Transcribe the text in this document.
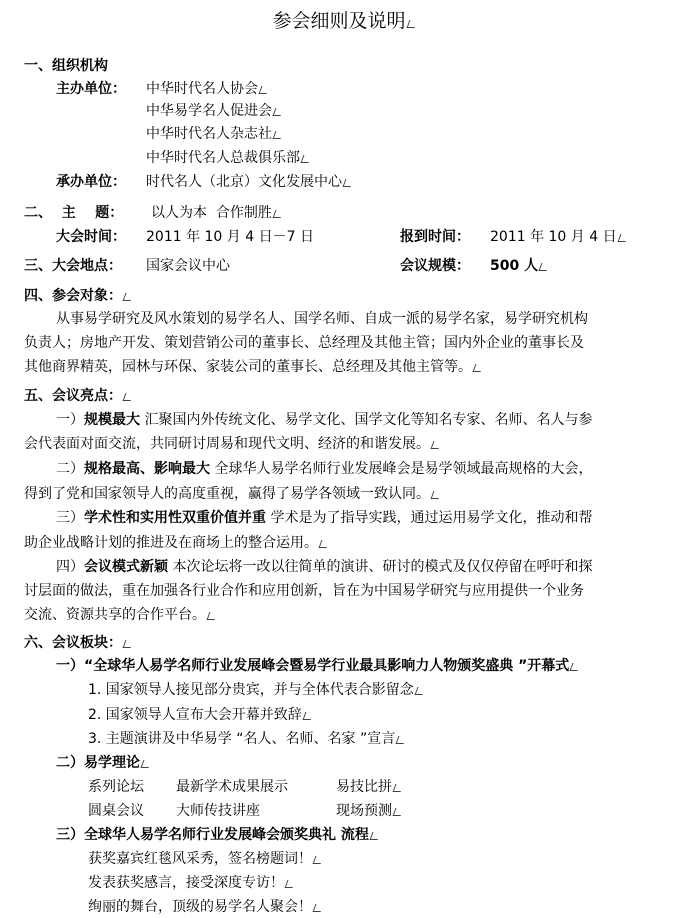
参会细则及说明
一、组织机构
主办单位： 中华时代名人协会
中华易学名人促进会
中华时代名人杂志社
中华时代名人总裁俱乐部
承办单位： 时代名人（北京）文化发展中心
二、  主    题： 以人为本  合作制胜
大会时间： 2011 年 10 月 4 日－7 日	报到时间： 2011 年 10 月 4 日
三、大会地点： 国家会议中心	会议规模： 500 人
四、参会对象：
从事易学研究及风水策划的易学名人、国学名师、自成一派的易学名家，易学研究机构
负责人；房地产开发、策划营销公司的董事长、总经理及其他主管；国内外企业的董事长及
其他商界精英，园林与环保、家装公司的董事长、总经理及其他主管等。
五、会议亮点：
一）规模最大 汇聚国内外传统文化、易学文化、国学文化等知名专家、名师、名人与参
会代表面对面交流，共同研讨周易和现代文明、经济的和谐发展。
二）规格最高、影响最大 全球华人易学名师行业发展峰会是易学领域最高规格的大会，
得到了党和国家领导人的高度重视，赢得了易学各领域一致认同。
三）学术性和实用性双重价值并重 学术是为了指导实践，通过运用易学文化，推动和帮
助企业战略计划的推进及在商场上的整合运用。
四）会议模式新颖 本次论坛将一改以往简单的演讲、研讨的模式及仅仅停留在呼吁和探
讨层面的做法，重在加强各行业合作和应用创新，旨在为中国易学研究与应用提供一个业务
交流、资源共享的合作平台。
六、会议板块：
一）“全球华人易学名师行业发展峰会暨易学行业最具影响力人物颁奖盛典 ”开幕式
1. 国家领导人接见部分贵宾，并与全体代表合影留念
2. 国家领导人宣布大会开幕并致辞
3. 主题演讲及中华易学 “名人、名师、名家 ”宣言
二）易学理论
系列论坛 最新学术成果展示	易技比拼
圆桌会议 大师传技讲座	现场预测
三）全球华人易学名师行业发展峰会颁奖典礼 流程
获奖嘉宾红毯风采秀，签名榜题词！
发表获奖感言，接受深度专访！
绚丽的舞台，顶级的易学名人聚会！
